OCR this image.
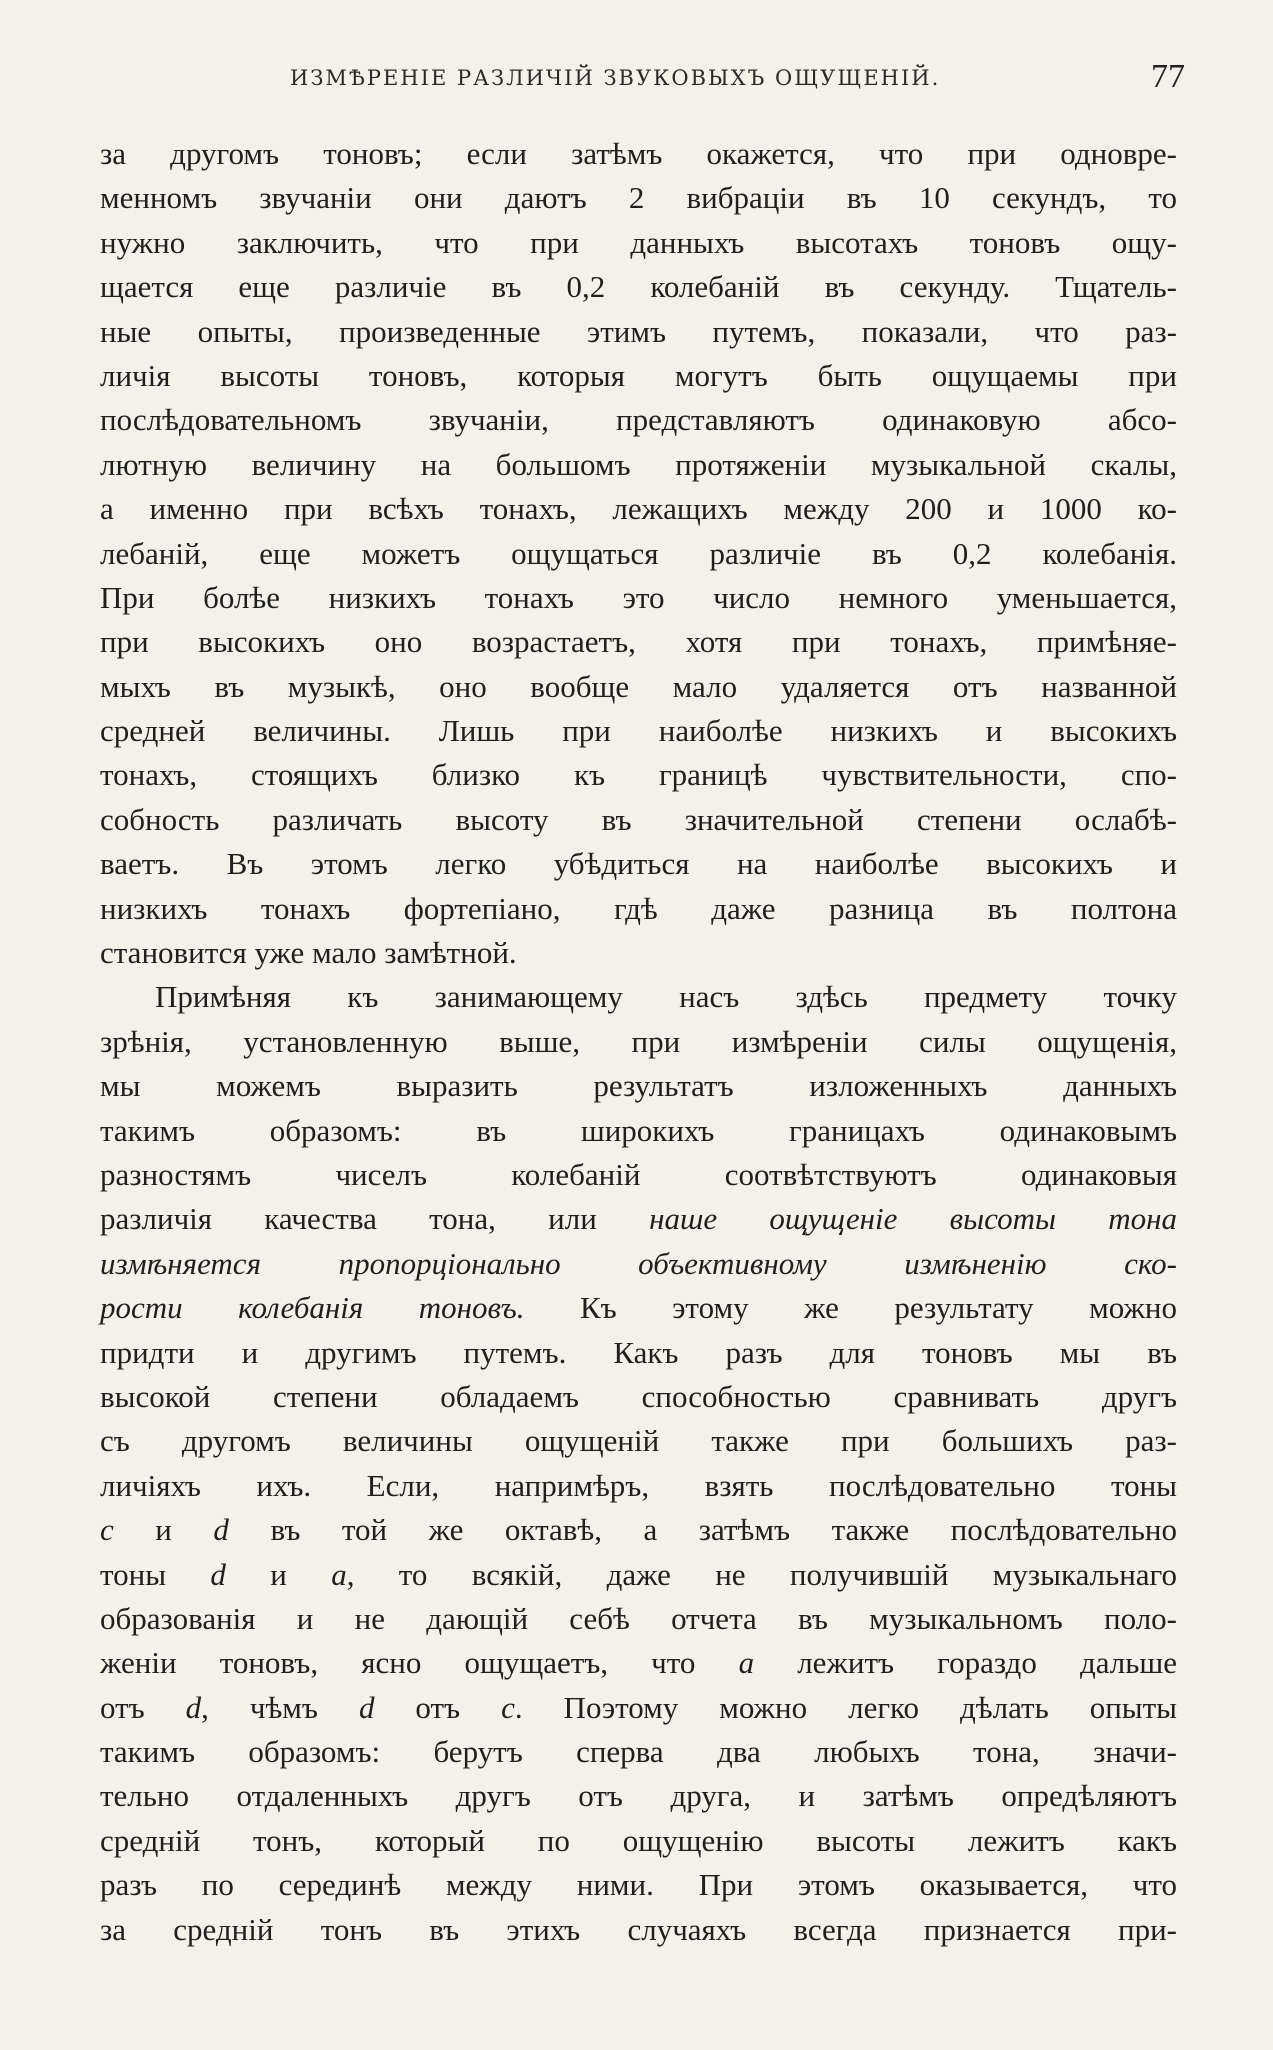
ИЗМѢРЕНІЕ РАЗЛИЧІЙ ЗВУКОВЫХЪ ОЩУЩЕНІЙ.	77
за другомъ тоновъ; если затѣмъ окажется, что при одновре-
менномъ звучаніи они даютъ 2 вибраціи въ 10 секундъ, то
нужно заключить, что при данныхъ высотахъ тоновъ ощу-
щается еще различіе въ 0,2 колебаній въ секунду. Тщатель-
ные опыты, произведенные этимъ путемъ, показали, что раз-
личія высоты тоновъ, которыя могутъ быть ощущаемы при
послѣдовательномъ звучаніи, представляютъ одинаковую абсо-
лютную величину на большомъ протяженіи музыкальной скалы,
а именно при всѣхъ тонахъ, лежащихъ между 200 и 1000 ко-
лебаній, еще можетъ ощущаться различіе въ 0,2 колебанія.
При болѣе низкихъ тонахъ это число немного уменьшается,
при высокихъ оно возрастаетъ, хотя при тонахъ, примѣняе-
мыхъ въ музыкѣ, оно вообще мало удаляется отъ названной
средней величины. Лишь при наиболѣе низкихъ и высокихъ
тонахъ, стоящихъ близко къ границѣ чувствительности, спо-
собность различать высоту въ значительной степени ослабѣ-
ваетъ. Въ этомъ легко убѣдиться на наиболѣе высокихъ и
низкихъ тонахъ фортепіано, гдѣ даже разница въ полтона
становится уже мало замѣтной.
Примѣняя къ занимающему насъ здѣсь предмету точку
зрѣнія, установленную выше, при измѣреніи силы ощущенія,
мы можемъ выразить результатъ изложенныхъ данныхъ
такимъ образомъ: въ широкихъ границахъ одинаковымъ
разностямъ чиселъ колебаній соотвѣтствуютъ одинаковыя
различія качества тона, или наше ощущеніе высоты тона
измѣняется пропорціонально объективному измѣненію ско-
рости колебанія тоновъ. Къ этому же результату можно
придти и другимъ путемъ. Какъ разъ для тоновъ мы въ
высокой степени обладаемъ способностью сравнивать другъ
съ другомъ величины ощущеній также при большихъ раз-
личіяхъ ихъ. Если, напримѣръ, взять послѣдовательно тоны
c и d въ той же октавѣ, а затѣмъ также послѣдовательно
тоны d и a, то всякій, даже не получившій музыкальнаго
образованія и не дающій себѣ отчета въ музыкальномъ поло-
женіи тоновъ, ясно ощущаетъ, что a лежитъ гораздо дальше
отъ d, чѣмъ d отъ c. Поэтому можно легко дѣлать опыты
такимъ образомъ: берутъ сперва два любыхъ тона, значи-
тельно отдаленныхъ другъ отъ друга, и затѣмъ опредѣляютъ
средній тонъ, который по ощущенію высоты лежитъ какъ
разъ по серединѣ между ними. При этомъ оказывается, что
за средній тонъ въ этихъ случаяхъ всегда признается при-
